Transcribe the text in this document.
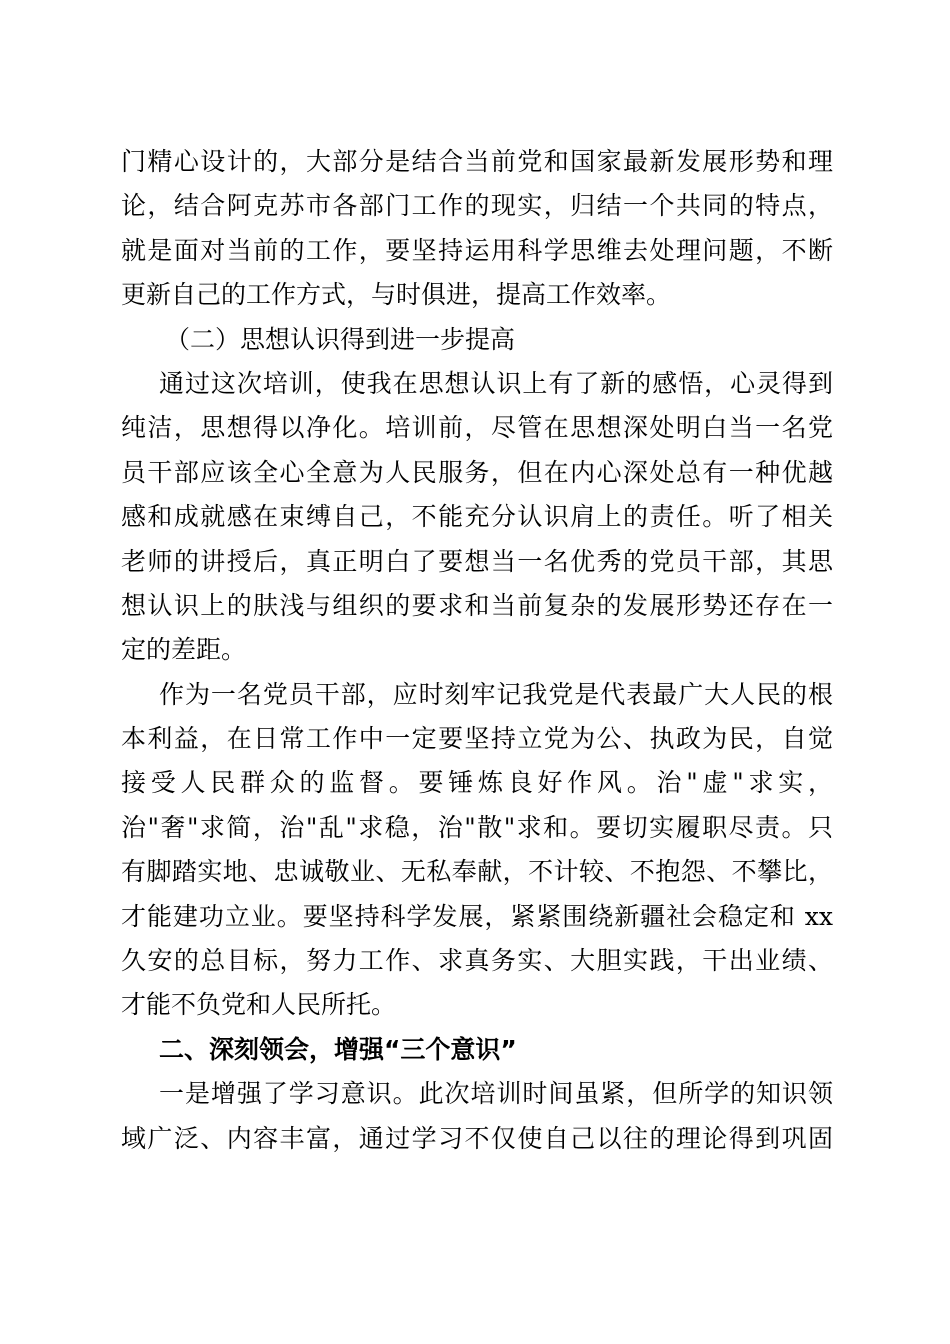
门精心设计的，大部分是结合当前党和国家最新发展形势和理
论，结合阿克苏市各部门工作的现实，归结一个共同的特点，
就是面对当前的工作，要坚持运用科学思维去处理问题，不断
更新自己的工作方式，与时俱进，提高工作效率。
（二）思想认识得到进一步提高
通过这次培训，使我在思想认识上有了新的感悟，心灵得到
纯洁，思想得以净化。培训前，尽管在思想深处明白当一名党
员干部应该全心全意为人民服务，但在内心深处总有一种优越
感和成就感在束缚自己，不能充分认识肩上的责任。听了相关
老师的讲授后，真正明白了要想当一名优秀的党员干部，其思
想认识上的肤浅与组织的要求和当前复杂的发展形势还存在一
定的差距。
作为一名党员干部，应时刻牢记我党是代表最广大人民的根
本利益，在日常工作中一定要坚持立党为公、执政为民，自觉
接受人民群众的监督。要锤炼良好作风。治"虚"求实，
治"奢"求简，治"乱"求稳，治"散"求和。要切实履职尽责。只
有脚踏实地、忠诚敬业、无私奉献，不计较、不抱怨、不攀比，
才能建功立业。要坚持科学发展，紧紧围绕新疆社会稳定和 xx
久安的总目标，努力工作、求真务实、大胆实践，干出业绩、
才能不负党和人民所托。
二、深刻领会，增强“三个意识”
一是增强了学习意识。此次培训时间虽紧，但所学的知识领
域广泛、内容丰富，通过学习不仅使自己以往的理论得到巩固
